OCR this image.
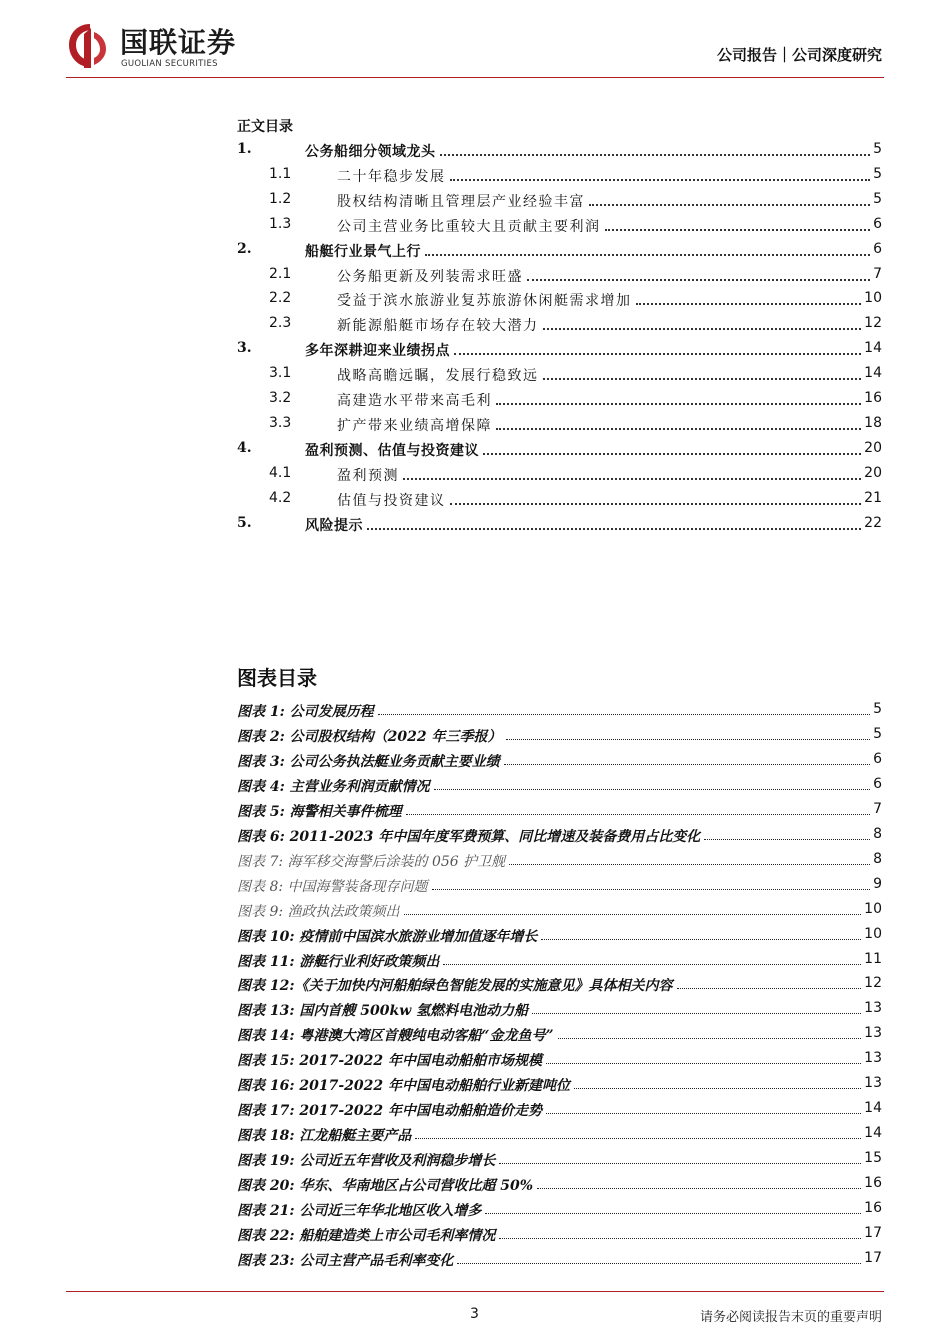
国联证券
GUOLIAN SECURITIES	公司报告｜公司深度研究
正文目录
1.	公务船细分领域龙头	5
1.1	二十年稳步发展	5
1.2	股权结构清晰且管理层产业经验丰富	5
1.3	公司主营业务比重较大且贡献主要利润	6
2.	船艇行业景气上行	6
2.1	公务船更新及列装需求旺盛	7
2.2	受益于滨水旅游业复苏旅游休闲艇需求增加	10
2.3	新能源船艇市场存在较大潜力	12
3.	多年深耕迎来业绩拐点	14
3.1	战略高瞻远瞩，发展行稳致远	14
3.2	高建造水平带来高毛利	16
3.3	扩产带来业绩高增保障	18
4.	盈利预测、估值与投资建议	20
4.1	盈利预测	20
4.2	估值与投资建议	21
5.	风险提示	22
图表目录
图表 1: 公司发展历程	5
图表 2: 公司股权结构（2022 年三季报）	5
图表 3: 公司公务执法艇业务贡献主要业绩	6
图表 4: 主营业务利润贡献情况	6
图表 5: 海警相关事件梳理	7
图表 6: 2011-2023 年中国年度军费预算、同比增速及装备费用占比变化	8
图表 7: 海军移交海警后涂装的 056 护卫舰	8
图表 8: 中国海警装备现存问题	9
图表 9: 渔政执法政策频出	10
图表 10: 疫情前中国滨水旅游业增加值逐年增长	10
图表 11: 游艇行业利好政策频出	11
图表 12:《关于加快内河船舶绿色智能发展的实施意见》具体相关内容	12
图表 13: 国内首艘 500kw 氢燃料电池动力船	13
图表 14: 粤港澳大湾区首艘纯电动客船“金龙鱼号”	13
图表 15: 2017-2022 年中国电动船舶市场规模	13
图表 16: 2017-2022 年中国电动船舶行业新建吨位	13
图表 17: 2017-2022 年中国电动船舶造价走势	14
图表 18: 江龙船艇主要产品	14
图表 19: 公司近五年营收及利润稳步增长	15
图表 20: 华东、华南地区占公司营收比超 50%	16
图表 21: 公司近三年华北地区收入增多	16
图表 22: 船舶建造类上市公司毛利率情况	17
图表 23: 公司主营产品毛利率变化	17
3	请务必阅读报告末页的重要声明
